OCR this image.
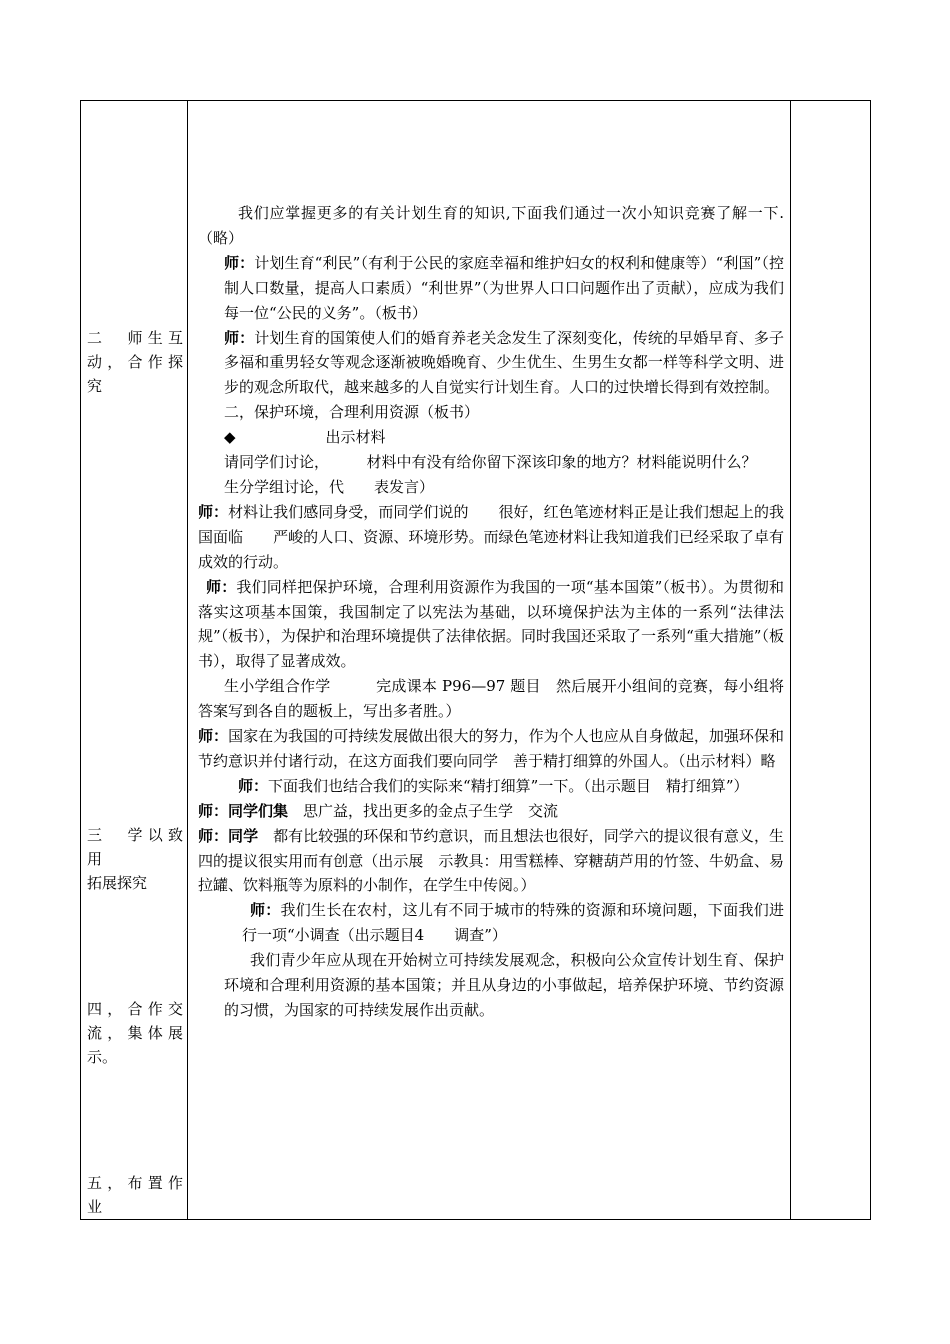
二　师生互
动，合作探
究
三　学以致
用
拓展探究
四，合作交
流，集体展
示。
五，布置作
业

我们应掌握更多的有关计划生育的知识,下面我们通过一次小知识竞赛了解一下.（略）

师：计划生育“利民”（有利于公民的家庭幸福和维护妇女的权利和健康等）“利国”（控制人口数量，提高人口素质）“利世界”（为世界人口口问题作出了贡献），应成为我们每一位“公民的义务”。（板书）

师：计划生育的国策使人们的婚育养老关念发生了深刻变化，传统的早婚早育、多子多福和重男轻女等观念逐渐被晚婚晚育、少生优生、生男生女都一样等科学文明、进步的观念所取代，越来越多的人自觉实行计划生育。人口的过快增长得到有效控制。

二，保护环境，合理利用资源（板书）

◆　　　　　　出示材料

请同学们讨论，　　　材料中有没有给你留下深该印象的地方？材料能说明什么？

生分学组讨论，代　　表发言）

师：材料让我们感同身受，而同学们说的　　很好，红色笔迹材料正是让我们想起上的我国面临　　严峻的人口、资源、环境形势。而绿色笔迹材料让我知道我们已经采取了卓有成效的行动。

师：我们同样把保护环境，合理利用资源作为我国的一项“基本国策”（板书）。为贯彻和落实这项基本国策，我国制定了以宪法为基础，以环境保护法为主体的一系列“法律法规”（板书），为保护和治理环境提供了法律依据。同时我国还采取了一系列“重大措施”（板书），取得了显著成效。

生小学组合作学　　　完成课本 P96—97 题目　然后展开小组间的竞赛，每小组将答案写到各自的题板上，写出多者胜。）

师：国家在为我国的可持续发展做出很大的努力，作为个人也应从自身做起，加强环保和节约意识并付诸行动，在这方面我们要向同学　善于精打细算的外国人。（出示材料）略

师：下面我们也结合我们的实际来“精打细算”一下。（出示题目　精打细算”）

师：同学们集　思广益，找出更多的金点子生学　交流

师：同学　都有比较强的环保和节约意识，而且想法也很好，同学六的提议很有意义，生四的提议很实用而有创意（出示展　示教具：用雪糕棒、穿糖葫芦用的竹签、牛奶盒、易拉罐、饮料瓶等为原料的小制作，在学生中传阅。）

师：我们生长在农村，这儿有不同于城市的特殊的资源和环境问题，下面我们进行一项“小调查（出示题目4　　调查”）

我们青少年应从现在开始树立可持续发展观念，积极向公众宣传计划生育、保护环境和合理利用资源的基本国策；并且从身边的小事做起，培养保护环境、节约资源的习惯，为国家的可持续发展作出贡献。
